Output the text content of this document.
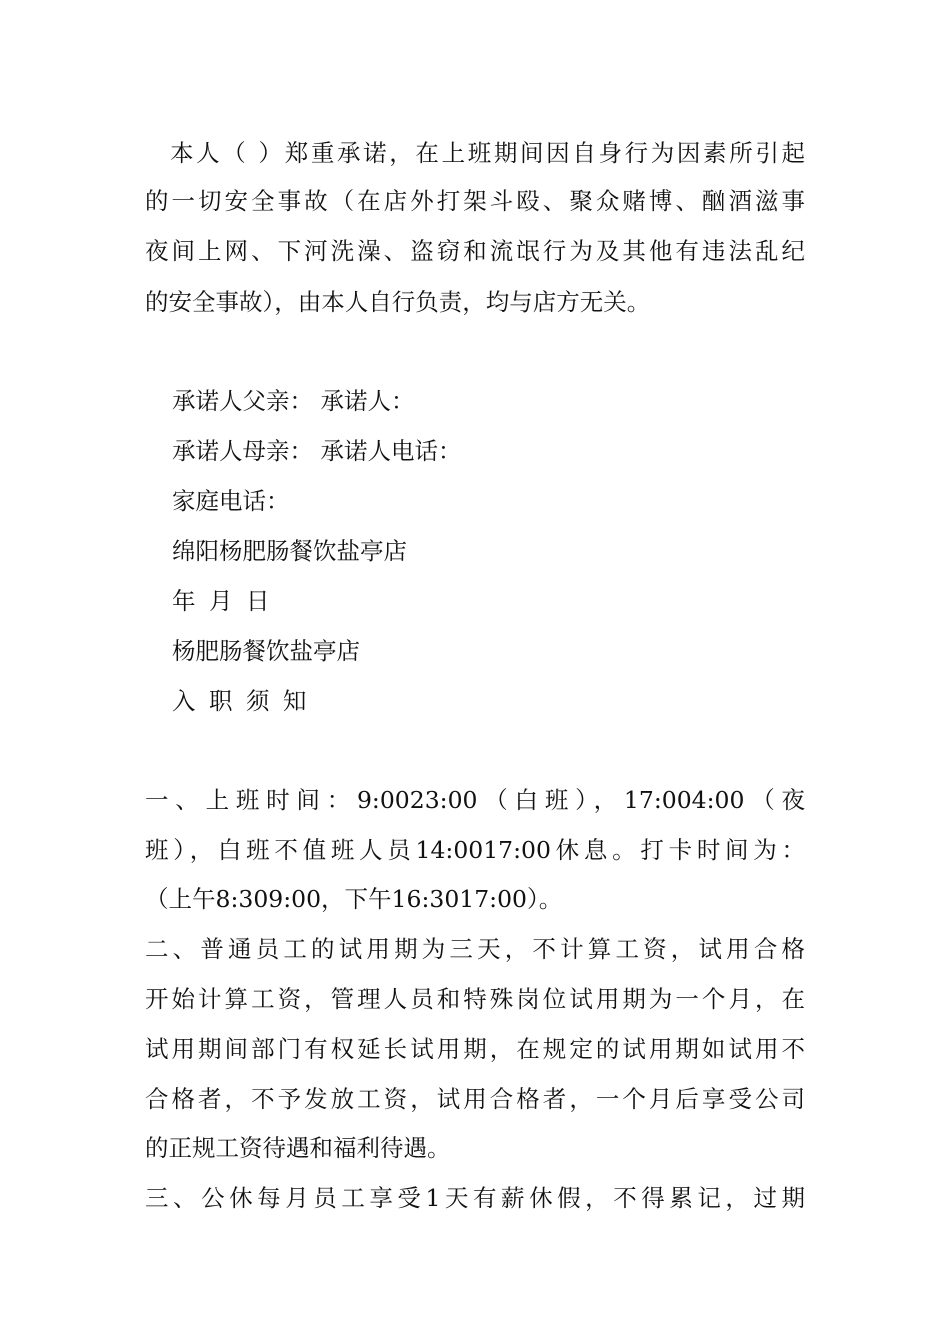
本人（ ）郑重承诺，在上班期间因自身行为因素所引起
的一切安全事故（在店外打架斗殴、聚众赌博、酗酒滋事
夜间上网、下河洗澡、盗窃和流氓行为及其他有违法乱纪
的安全事故），由本人自行负责，均与店方无关。
承诺人父亲： 承诺人：
承诺人母亲： 承诺人电话：
家庭电话：
绵阳杨肥肠餐饮盐亭店
年 月 日
杨肥肠餐饮盐亭店
入 职 须 知
一、上班时间：9:0023:00（白班），17:004:00（夜
班），白班不值班人员14:0017:00休息。打卡时间为：
（上午8:309:00，下午16:3017:00）。
二、普通员工的试用期为三天，不计算工资，试用合格
开始计算工资，管理人员和特殊岗位试用期为一个月，在
试用期间部门有权延长试用期，在规定的试用期如试用不
合格者，不予发放工资，试用合格者，一个月后享受公司
的正规工资待遇和福利待遇。
三、公休每月员工享受1天有薪休假，不得累记，过期
